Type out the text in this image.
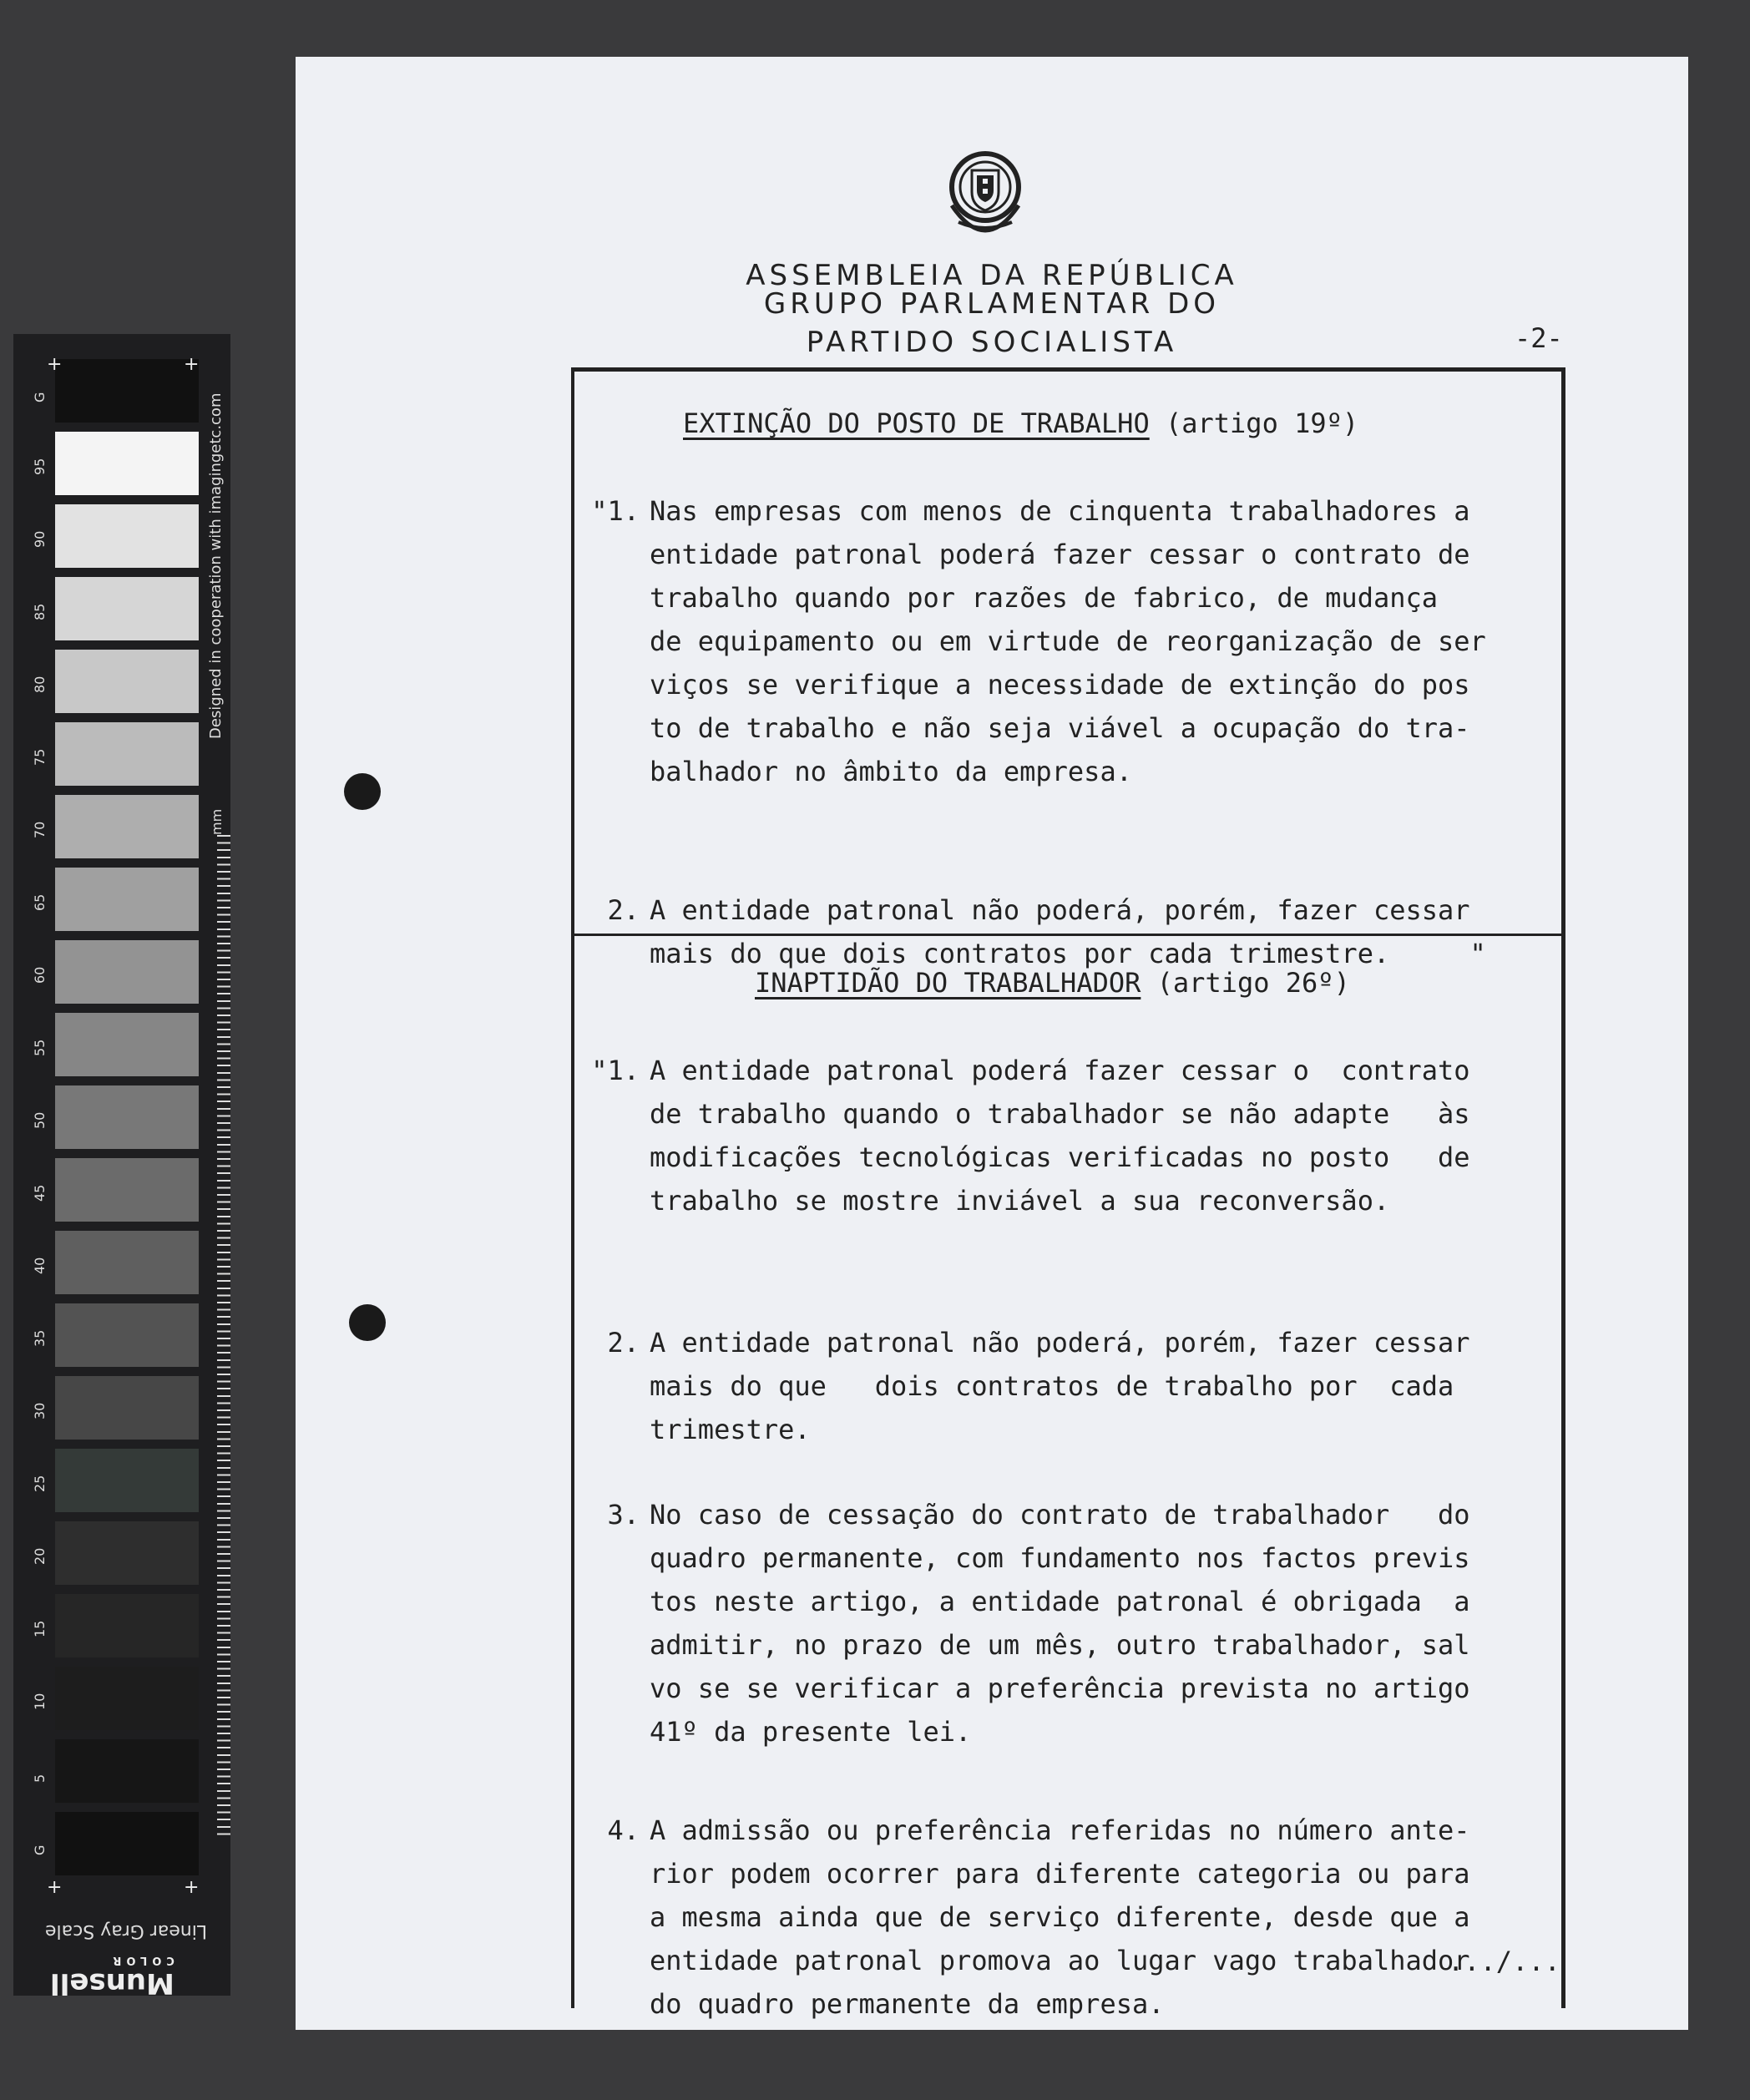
+	+
+	+
G
95
90
85
80
75
70
65
60
55
50
45
40
35
30
25
20
15
10
5
G
Designed in cooperation with imagingetc.com
mm
Linear Gray Scale
Munsell
COLOR
ASSEMBLEIA DA REPÚBLICA
GRUPO PARLAMENTAR DO
PARTIDO SOCIALISTA	-2-
EXTINÇÃO DO POSTO DE TRABALHO (artigo 19º)
"1. Nas empresas com menos de cinquenta trabalhadores a
entidade patronal poderá fazer cessar o contrato de
trabalho quando por razões de fabrico, de mudança
de equipamento ou em virtude de reorganização de ser
viços se verifique a necessidade de extinção do pos
to de trabalho e não seja viável a ocupação do tra-
balhador no âmbito da empresa.
2. A entidade patronal não poderá, porém, fazer cessar
mais do que dois contratos por cada trimestre.     "
INAPTIDÃO DO TRABALHADOR (artigo 26º)
"1. A entidade patronal poderá fazer cessar o  contrato
de trabalho quando o trabalhador se não adapte   às
modificações tecnológicas verificadas no posto   de
trabalho se mostre inviável a sua reconversão.
2. A entidade patronal não poderá, porém, fazer cessar
mais do que   dois contratos de trabalho por  cada
trimestre.
3. No caso de cessação do contrato de trabalhador   do
quadro permanente, com fundamento nos factos previs
tos neste artigo, a entidade patronal é obrigada  a
admitir, no prazo de um mês, outro trabalhador, sal
vo se se verificar a preferência prevista no artigo
41º da presente lei.
4. A admissão ou preferência referidas no número ante-
rior podem ocorrer para diferente categoria ou para
a mesma ainda que de serviço diferente, desde que a
entidade patronal promova ao lugar vago trabalhador
do quadro permanente da empresa.
.../...
